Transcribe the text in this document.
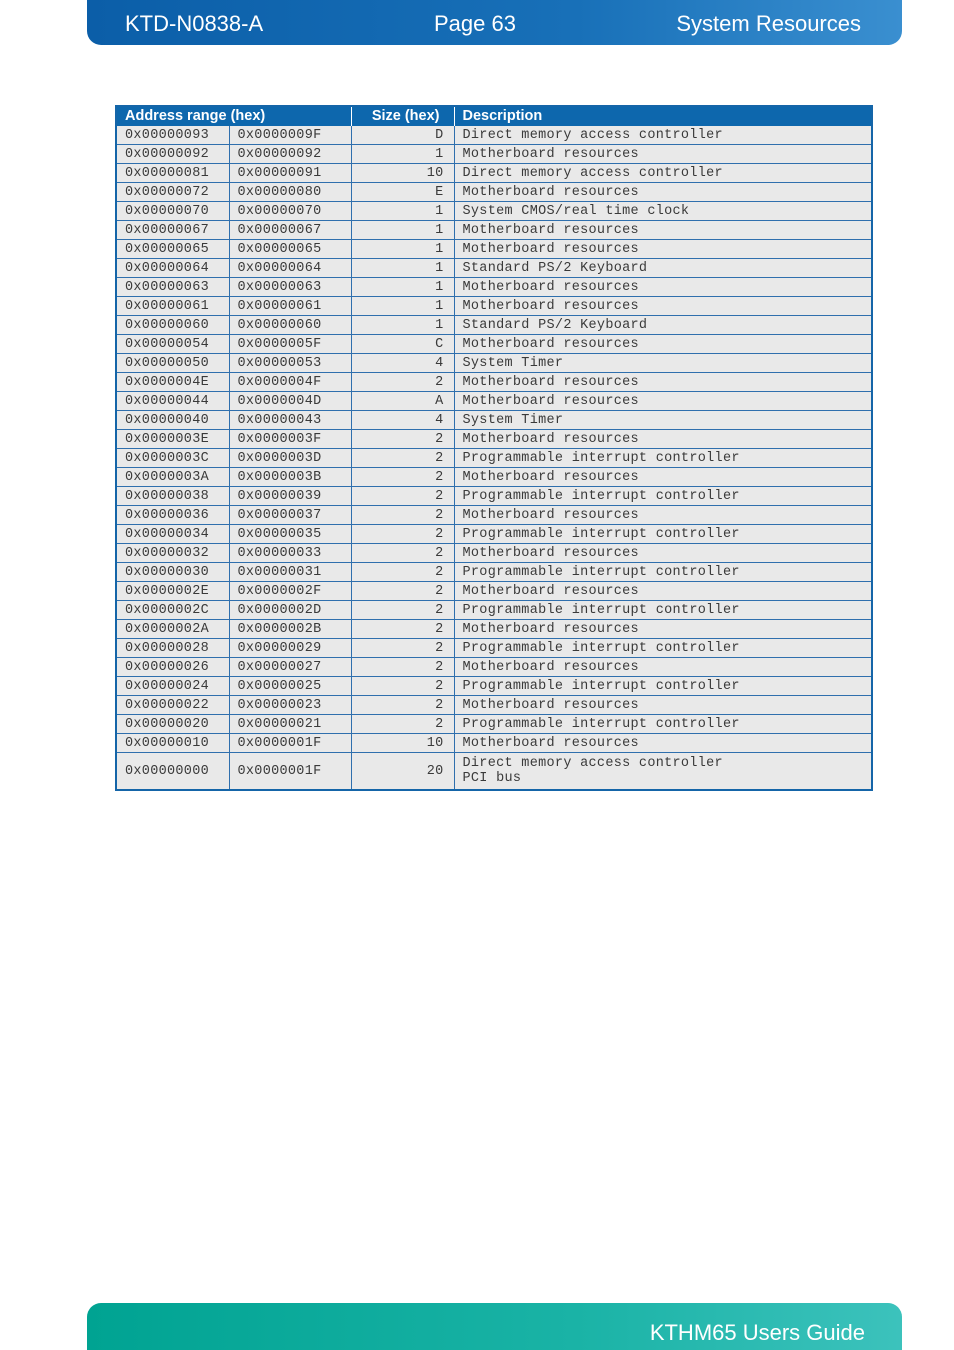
KTD-N0838-A	Page 63	System Resources
Address range (hex)		Size (hex)	Description
0x00000093	0x0000009F	D	Direct memory access controller
0x00000092	0x00000092	1	Motherboard resources
0x00000081	0x00000091	10	Direct memory access controller
0x00000072	0x00000080	E	Motherboard resources
0x00000070	0x00000070	1	System CMOS/real time clock
0x00000067	0x00000067	1	Motherboard resources
0x00000065	0x00000065	1	Motherboard resources
0x00000064	0x00000064	1	Standard PS/2 Keyboard
0x00000063	0x00000063	1	Motherboard resources
0x00000061	0x00000061	1	Motherboard resources
0x00000060	0x00000060	1	Standard PS/2 Keyboard
0x00000054	0x0000005F	C	Motherboard resources
0x00000050	0x00000053	4	System Timer
0x0000004E	0x0000004F	2	Motherboard resources
0x00000044	0x0000004D	A	Motherboard resources
0x00000040	0x00000043	4	System Timer
0x0000003E	0x0000003F	2	Motherboard resources
0x0000003C	0x0000003D	2	Programmable interrupt controller
0x0000003A	0x0000003B	2	Motherboard resources
0x00000038	0x00000039	2	Programmable interrupt controller
0x00000036	0x00000037	2	Motherboard resources
0x00000034	0x00000035	2	Programmable interrupt controller
0x00000032	0x00000033	2	Motherboard resources
0x00000030	0x00000031	2	Programmable interrupt controller
0x0000002E	0x0000002F	2	Motherboard resources
0x0000002C	0x0000002D	2	Programmable interrupt controller
0x0000002A	0x0000002B	2	Motherboard resources
0x00000028	0x00000029	2	Programmable interrupt controller
0x00000026	0x00000027	2	Motherboard resources
0x00000024	0x00000025	2	Programmable interrupt controller
0x00000022	0x00000023	2	Motherboard resources
0x00000020	0x00000021	2	Programmable interrupt controller
0x00000010	0x0000001F	10	Motherboard resources
0x00000000	0x0000001F	20	Direct memory access controller
PCI bus
KTHM65 Users Guide
